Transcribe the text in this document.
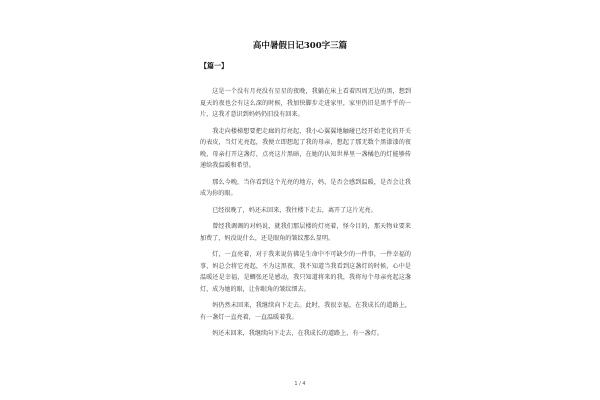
高中暑假日记300字三篇

【篇一】

这是一个没有月亮没有星星的夜晚，我躺在床上看着四周无边的黑，想到夏天的夜也会有这么深的时候，我加快脚步走进家里，家里仍旧是黑乎乎的一片，这我才意识到妈妈仍旧没有回来。

我走向楼梯想要把走廊的灯亮起，我小心翼翼地触碰已经开始老化的开关的表皮，当灯光亮起，我便立即想起了我的母亲，想起了那无数个黑漆漆的夜晚，母亲打开这盏灯，点亮这片黑暗，在她的认知世界里一盏橘色的灯能够传递给我温暖和希望。

那么今晚，当你看到这个光亮的地方，妈，是否会感到温暖，是否会让我成为你的眼。

已经很晚了，妈还未回来，我往楼下走去，离开了这片光亮。

曾经我调调的对妈说，就我们那层楼的灯亮着，怪今目的，那天物业要来加费了，妈没说什么，还是眼角的皱纹那么显明。

灯，一直亮着，对于我来说仿佛是生命中不可缺少的一件事，一件幸福的事，妈总会将它亮起，不为这黑夜，我不知道当我看到这盏灯的时候，心中是温暖还是幸福，是蜩张还是感动，我只知道将来的我，我将每个母亲亮起这盏灯，成为她的眼，让你眼角的皱纹细去。

妈仍然未回来，我继续向下走去。此时，我很幸福，在我成长的道路上，有一盏灯一直亮着，一直温暖着我。

妈还未回来，我继续向下走去，在我成长的道路上，有一盏灯。

1 / 4
